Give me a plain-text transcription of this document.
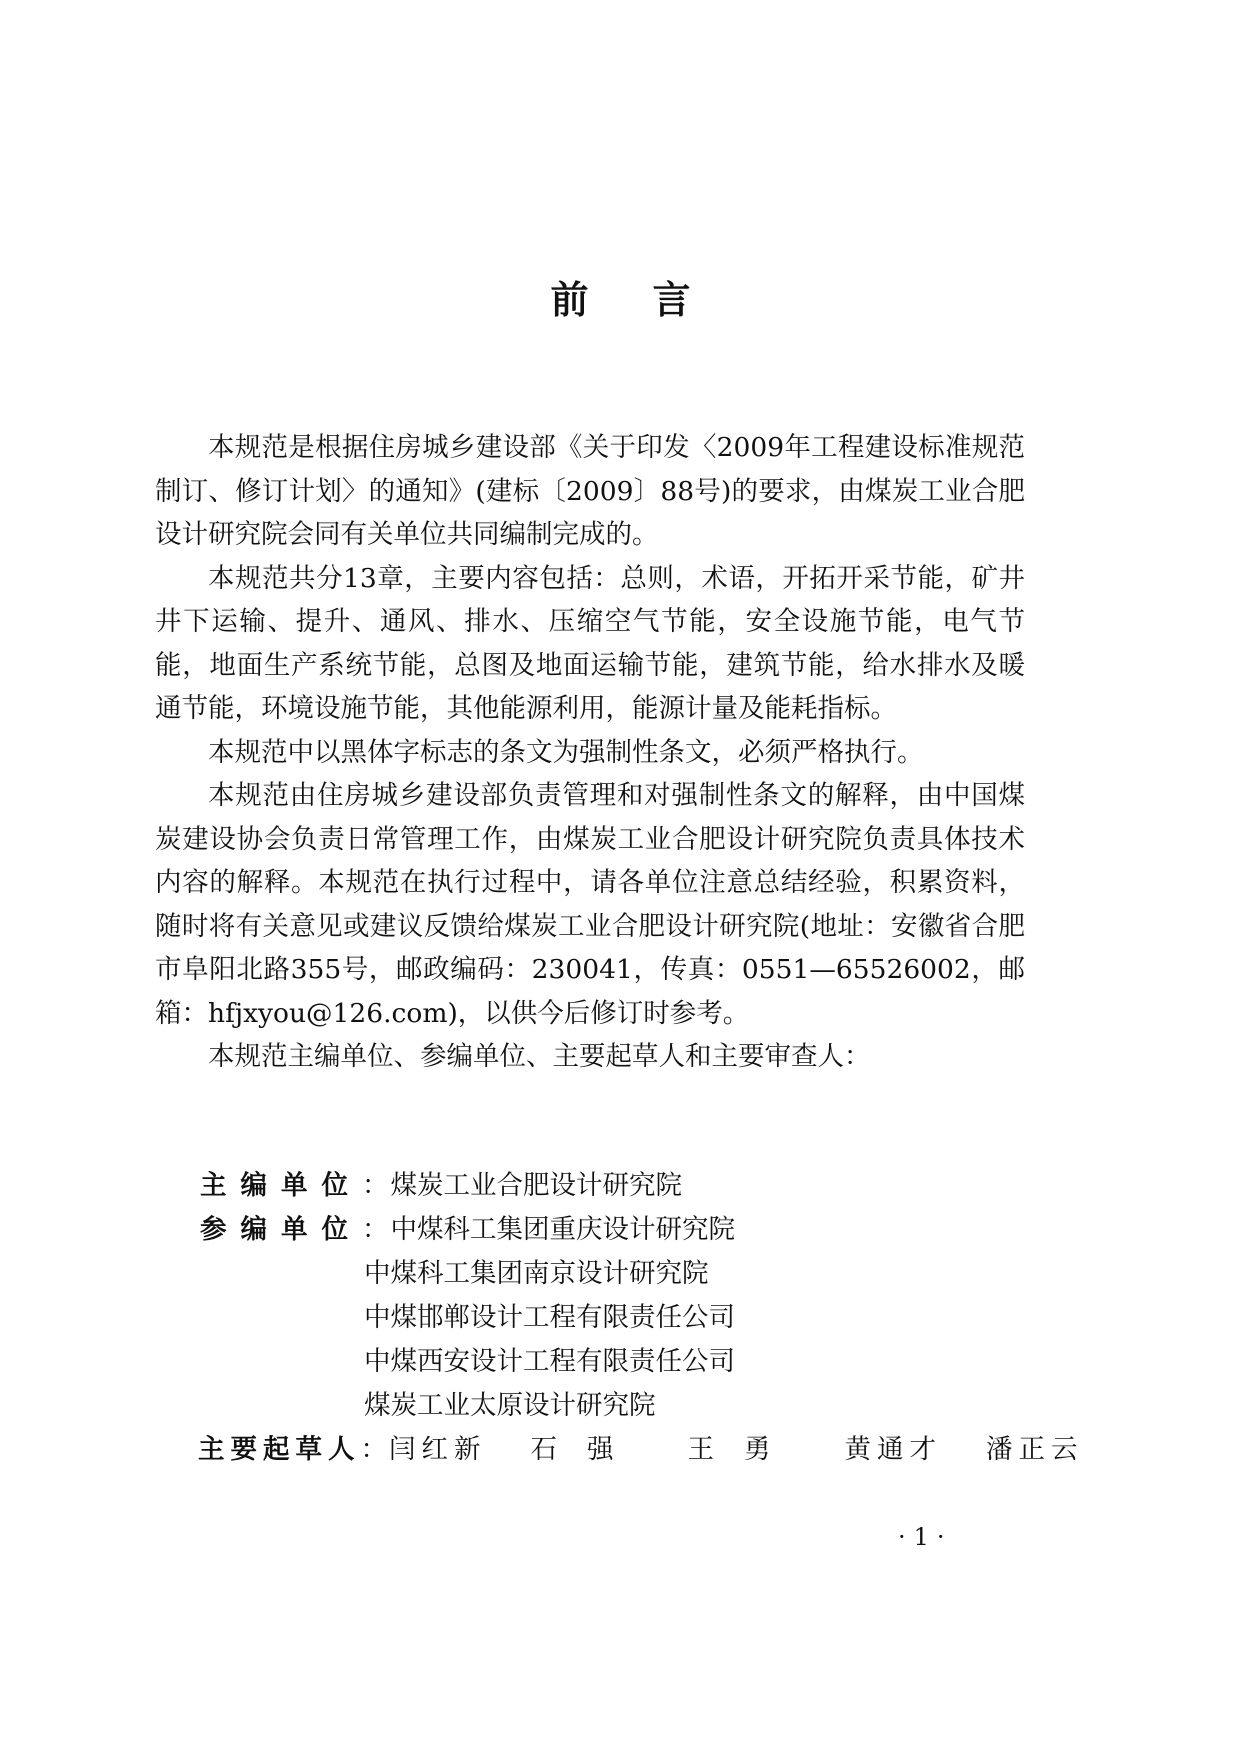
前言

本规范是根据住房城乡建设部《关于印发〈2009年工程建设标准规范制订、修订计划〉的通知》(建标〔2009〕88号)的要求，由煤炭工业合肥设计研究院会同有关单位共同编制完成的。

本规范共分13章，主要内容包括：总则，术语，开拓开采节能，矿井井下运输、提升、通风、排水、压缩空气节能，安全设施节能，电气节能，地面生产系统节能，总图及地面运输节能，建筑节能，给水排水及暖通节能，环境设施节能，其他能源利用，能源计量及能耗指标。

本规范中以黑体字标志的条文为强制性条文，必须严格执行。

本规范由住房城乡建设部负责管理和对强制性条文的解释，由中国煤炭建设协会负责日常管理工作，由煤炭工业合肥设计研究院负责具体技术内容的解释。本规范在执行过程中，请各单位注意总结经验，积累资料，随时将有关意见或建议反馈给煤炭工业合肥设计研究院(地址：安徽省合肥市阜阳北路355号，邮政编码：230041，传真：0551—65526002，邮箱：hfjxyou@126.com)，以供今后修订时参考。

本规范主编单位、参编单位、主要起草人和主要审查人：

主编单位 ： 煤炭工业合肥设计研究院
参编单位 ： 中煤科工集团重庆设计研究院
中煤科工集团南京设计研究院
中煤邯郸设计工程有限责任公司
中煤西安设计工程有限责任公司
煤炭工业太原设计研究院
主要起草人 ： 闫红新 石强 王勇 黄通才 潘正云
·1·
